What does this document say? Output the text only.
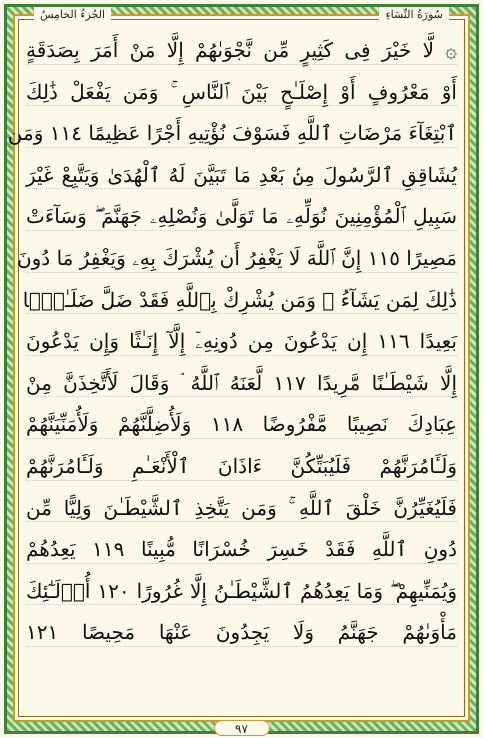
الجُزءُ الخامِسُ	سُورَةُ النِّسَاءِ
۞ لَّا خَيْرَ فِى كَثِيرٍ مِّن نَّجْوَىٰهُمْ إِلَّا مَنْ أَمَرَ بِصَدَقَةٍ
أَوْ مَعْرُوفٍ أَوْ إِصْلَـٰحٍ بَيْنَ ٱلنَّاسِ ۚ وَمَن يَفْعَلْ ذَٰلِكَ
ٱبْتِغَآءَ مَرْضَاتِ ٱللَّهِ فَسَوْفَ نُؤْتِيهِ أَجْرًا عَظِيمًا ١١٤ وَمَن
يُشَاقِقِ ٱلرَّسُولَ مِنۢ بَعْدِ مَا تَبَيَّنَ لَهُ ٱلْهُدَىٰ وَيَتَّبِعْ غَيْرَ
سَبِيلِ ٱلْمُؤْمِنِينَ نُوَلِّهِۦ مَا تَوَلَّىٰ وَنُصْلِهِۦ جَهَنَّمَ ۖ وَسَآءَتْ
مَصِيرًا ١١٥ إِنَّ ٱللَّهَ لَا يَغْفِرُ أَن يُشْرَكَ بِهِۦ وَيَغْفِرُ مَا دُونَ
ذَٰلِكَ لِمَن يَشَآءُ ۚ وَمَن يُشْرِكْ بِٱللَّهِ فَقَدْ ضَلَّ ضَلَـٰلًۢا
بَعِيدًا ١١٦ إِن يَدْعُونَ مِن دُونِهِۦٓ إِلَّآ إِنَـٰثًا وَإِن يَدْعُونَ
إِلَّا شَيْطَـٰنًا مَّرِيدًا ١١٧ لَّعَنَهُ ٱللَّهُ ۘ وَقَالَ لَأَتَّخِذَنَّ مِنْ
عِبَادِكَ نَصِيبًا مَّفْرُوضًا ١١٨ وَلَأُضِلَّنَّهُمْ وَلَأُمَنِّيَنَّهُمْ
وَلَـَٔامُرَنَّهُمْ فَلَيُبَتِّكُنَّ ءَاذَانَ ٱلْأَنْعَـٰمِ وَلَـَٔامُرَنَّهُمْ
فَلَيُغَيِّرُنَّ خَلْقَ ٱللَّهِ ۚ وَمَن يَتَّخِذِ ٱلشَّيْطَـٰنَ وَلِيًّا مِّن
دُونِ ٱللَّهِ فَقَدْ خَسِرَ خُسْرَانًا مُّبِينًا ١١٩ يَعِدُهُمْ
وَيُمَنِّيهِمْ ۖ وَمَا يَعِدُهُمُ ٱلشَّيْطَـٰنُ إِلَّا غُرُورًا ١٢٠ أُو۟لَـٰٓئِكَ
مَأْوَىٰهُمْ جَهَنَّمُ وَلَا يَجِدُونَ عَنْهَا مَحِيصًا ١٢١
٩٧
